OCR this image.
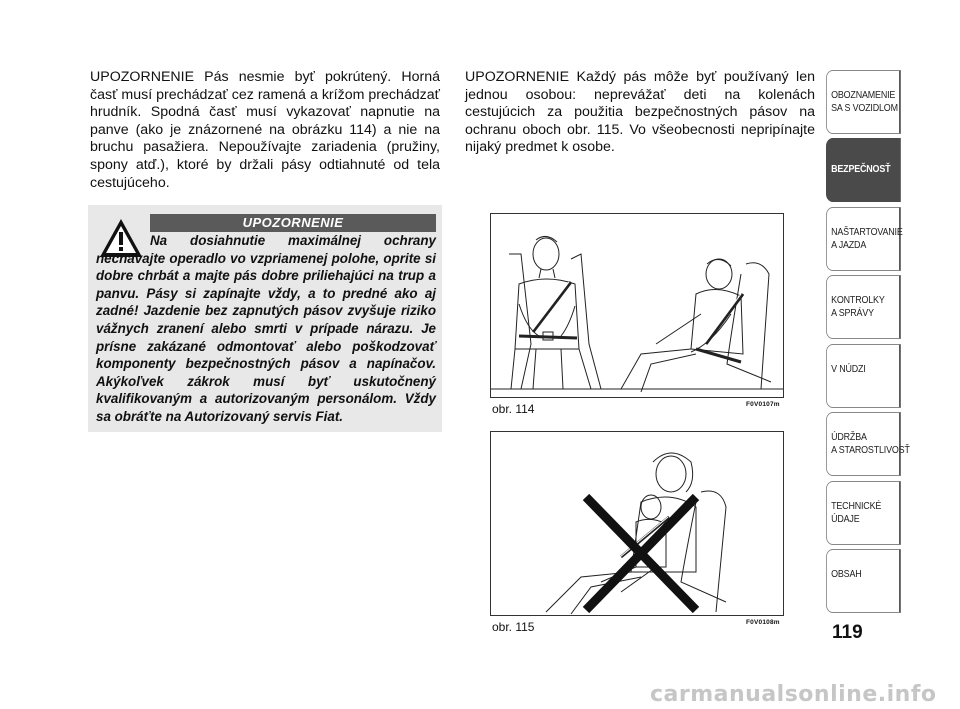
UPOZORNENIE Pás nesmie byť pokrútený. Horná časť musí prechádzať cez ramená a krížom prechádzať hrudník. Spodná časť musí vykazovať napnutie na panve (ako je znázornené na obrázku 114) a nie na bruchu pasažiera. Nepoužívajte zariadenia (pružiny, spony atď.), ktoré by držali pásy odtiahnuté od tela cestujúceho.
UPOZORNENIE Každý pás môže byť používaný len jednou osobou: neprevážať deti na kolenách cestujúcich za použitia bezpečnostných pásov na ochranu oboch obr. 115. Vo všeobecnosti nepripínajte nijaký predmet k osobe.
UPOZORNENIE
Na dosiahnutie maximálnej ochrany nechávajte operadlo vo vzpriamenej polohe, oprite si dobre chrbát a majte pás dobre priliehajúci na trup a panvu. Pásy si zapínajte vždy, a to predné ako aj zadné! Jazdenie bez zapnutých pásov zvyšuje riziko vážnych zranení alebo smrti v prípade nárazu. Je prísne zakázané odmontovať alebo poškodzovať komponenty bezpečnostných pásov a napínačov. Akýkoľvek zákrok musí byť uskutočnený kvalifikovaným a autorizovaným personálom. Vždy sa obráťte na Autorizovaný servis Fiat.	obr. 114	F0V0107m
obr. 115	F0V0108m
OBOZNAMENIE
SA S VOZIDLOM
BEZPEČNOSŤ
NAŠTARTOVANIE
A JAZDA
KONTROLKY
A SPRÁVY
V NÚDZI
ÚDRŽBA
A STAROSTLIVOSŤ
TECHNICKÉ
ÚDAJE
OBSAH
119
carmanualsonline.info
